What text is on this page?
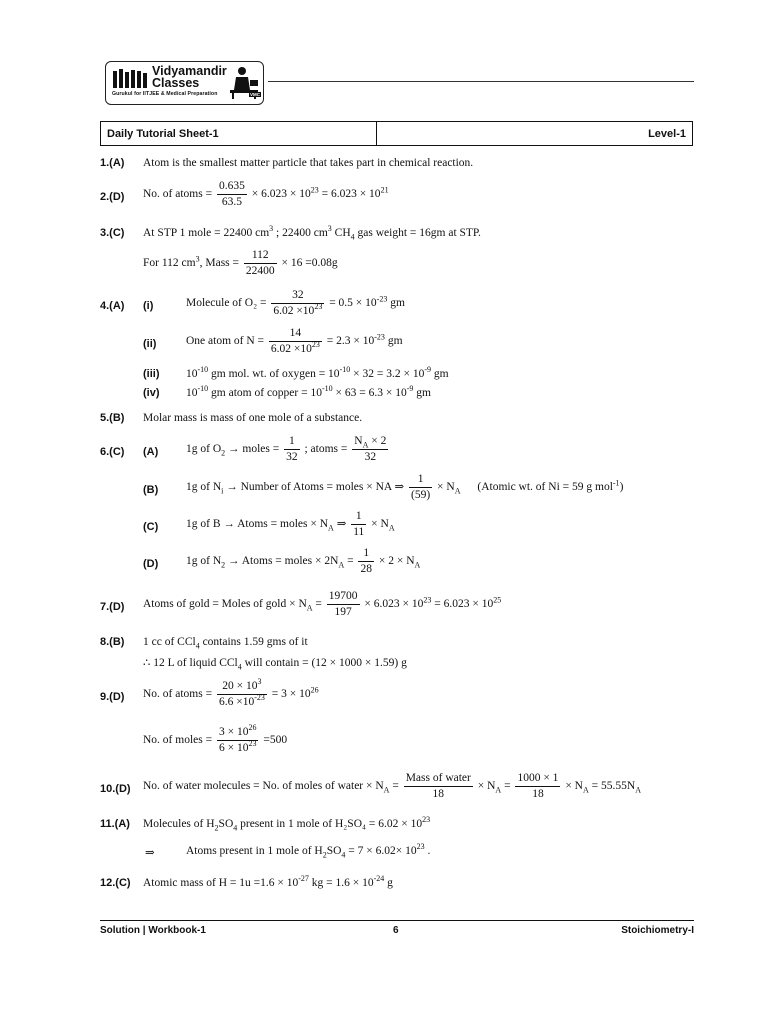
Vidyamandir
Classes
Gurukul for IITJEE & Medical Preparation	VMC
Daily Tutorial Sheet-1	Level-1
1.(A) Atom is the smallest matter particle that takes part in chemical reaction.
2.(D) No. of atoms = $\frac{0.635}{63.5} \times 6.023 \times 10^{23} = 6.023 \times 10^{21}$
3.(C) At STP 1 mole = 22400 $cm^3$ ; 22400 $cm^3$ $CH_4$ gas weight = 16gm at STP.
For 112 $cm^3$, Mass = $\frac{112}{22400} \times 16 =0.08g$
4.(A) (i)	Molecule of $O_2 = \frac{32}{6.02 \times 10^{23}} = 0.5 \times 10^{-23}$ gm
(ii)	One atom of $N = \frac{14}{6.02 \times 10^{23}} = 2.3 \times 10^{-23}$ gm
(iii) $10^{-10}$ gm mol. wt. of oxygen = $10^{-10} \times 32 = 3.2 \times 10^{-9}$ gm
(iv) $10^{-10}$ gm atom of copper = $10^{-10} \times 63 = 6.3 \times 10^{-9}$ gm
5.(B) Molar mass is mass of one mole of a substance.
6.(C) (A) 1g of $O_2$ → moles = $\frac{1}{32}$ ; atoms = $\frac{N_A \times 2}{32}$
(B) 1g of $N_i$ → Number of Atoms = moles × NA ⇒ $\frac{1}{(59)} \times N_A$ (Atomic wt. of Ni = 59 g mol$^{-1}$)
(C) 1g of B → Atoms = moles × $N_A$ ⇒ $\frac{1}{11} \times N_A$
(D) 1g of $N_2$ → Atoms = moles × $2N_A = \frac{1}{28} \times 2 \times N_A$
7.(D) Atoms of gold = Moles of gold × $N_A = \frac{19700}{197} \times 6.023 \times 10^{23} = 6.023 \times 10^{25}$
8.(B) 1 cc of CCl$_4$ contains 1.59 gms of it
∴ 12 L of liquid CCl$_4$ will contain = (12 × 1000 × 1.59) g
9.(D) No. of atoms = $\frac{20 \times 10^3}{6.6 \times 10^{-23}} = 3 \times 10^{26}$
No. of moles = $\frac{3 \times 10^{26}}{6 \times 10^{23}} =500$
10.(D) No. of water molecules = No. of moles of water × $N_A = \frac{\text{Mass of water}}{18} \times N_A = \frac{1000 \times 1}{18} \times N_A = 55.55N_A$
11.(A) Molecules of $H_2SO_4$ present in 1 mole of $H_2SO_4 = 6.02 \times 10^{23}$
⇒	Atoms present in 1 mole of $H_2SO_4 = 7 \times 6.02\times 10^{23}$ .
12.(C) Atomic mass of $H = 1u =1.6 \times 10^{-27}$ kg = $1.6 \times 10^{-24}$ g
Solution | Workbook-1	6	Stoichiometry-I
